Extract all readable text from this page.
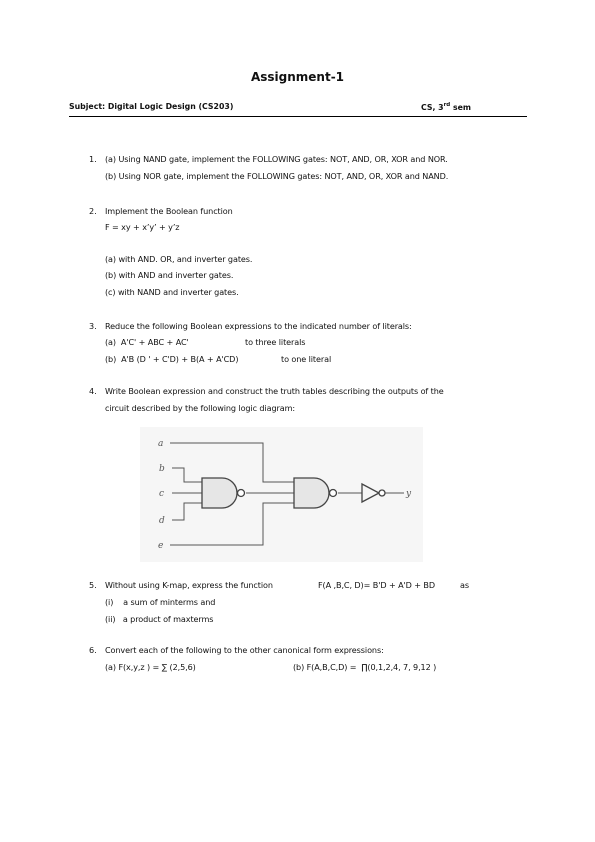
Assignment-1
Subject: Digital Logic Design (CS203)	CS, 3rd sem
1. (a) Using NAND gate, implement the FOLLOWING gates: NOT, AND, OR, XOR and NOR.
(b) Using NOR gate, implement the FOLLOWING gates: NOT, AND, OR, XOR and NAND.
2. Implement the Boolean function
F = xy + x’y’ + y’z
(a) with AND. OR, and inverter gates.
(b) with AND and inverter gates.
(c) with NAND and inverter gates.
3. Reduce the following Boolean expressions to the indicated number of literals:
(a)  A'C' + ABC + AC'	to three literals
(b)  A'B (D ' + C'D) + B(A + A'CD)	to one literal
4. Write Boolean expression and construct the truth tables describing the outputs of the
circuit described by the following logic diagram:
a
b
c
d
e
y
5. Without using K-map, express the function	F(A ,B,C, D)= B'D + A'D + BD	as
(i)    a sum of minterms and
(ii)   a product of maxterms
6. Convert each of the following to the other canonical form expressions:
(a) F(x,y,z ) = ∑ (2,5,6)	(b) F(A,B,C,D) =  ∏(0,1,2,4, 7, 9,12 )
